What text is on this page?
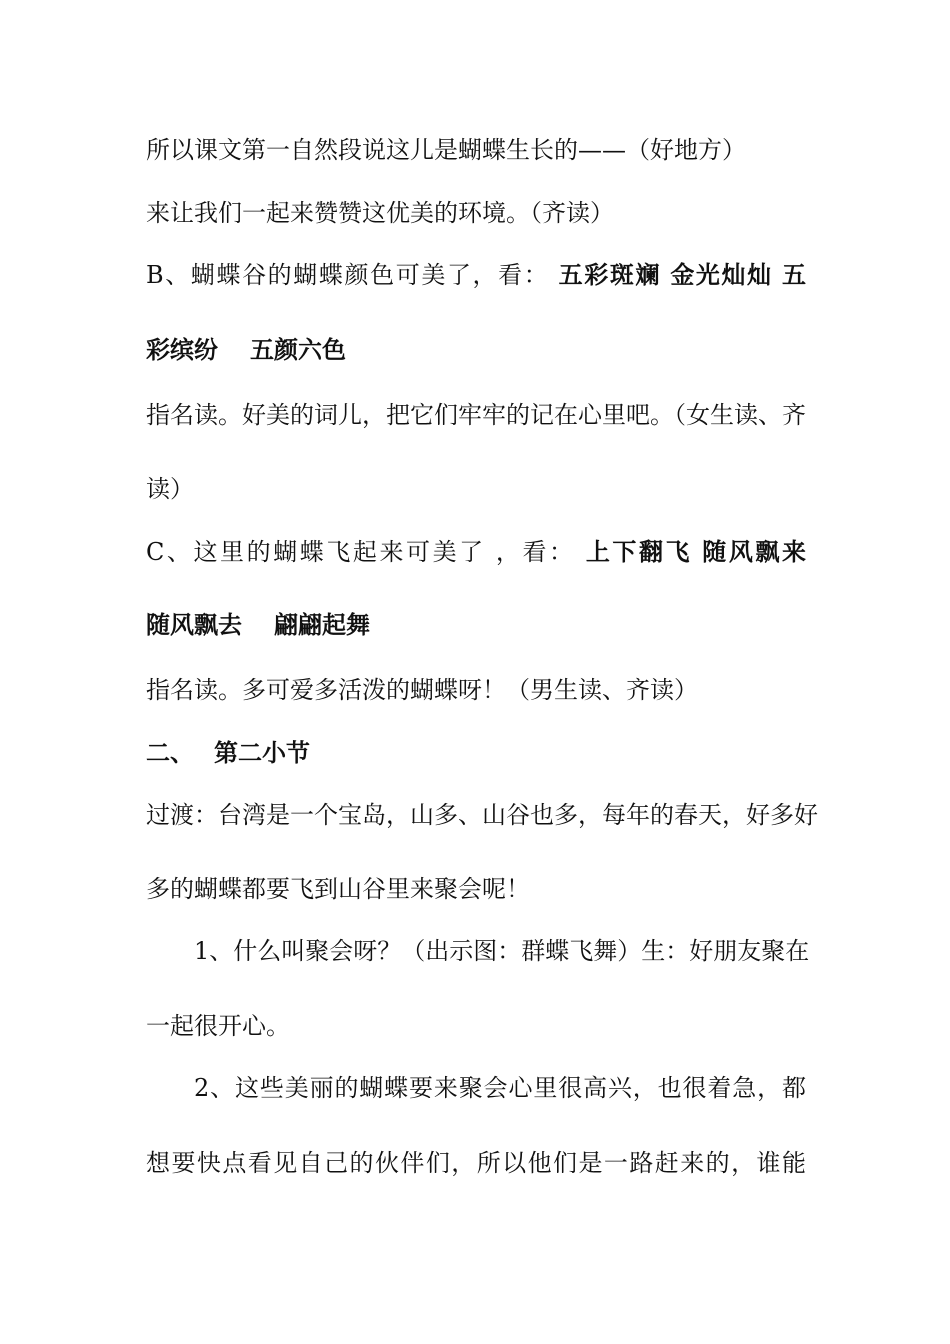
所以课文第一自然段说这儿是蝴蝶生长的——（好地方）
来让我们一起来赞赞这优美的环境。（齐读）
B、蝴蝶谷的蝴蝶颜色可美了，看： 五彩斑斓 金光灿灿 五
彩缤纷 五颜六色
指名读。好美的词儿，把它们牢牢的记在心里吧。（女生读、齐
读）
C、这里的蝴蝶飞起来可美了 ，看： 上下翻飞 随风飘来
随风飘去 翩翩起舞
指名读。多可爱多活泼的蝴蝶呀！（男生读、齐读）
二、 第二小节
过渡：台湾是一个宝岛，山多、山谷也多，每年的春天，好多好
多的蝴蝶都要飞到山谷里来聚会呢！
1、什么叫聚会呀？（出示图：群蝶飞舞）生：好朋友聚在
一起很开心。
2、这些美丽的蝴蝶要来聚会心里很高兴，也很着急，都
想要快点看见自己的伙伴们，所以他们是一路赶来的，谁能
